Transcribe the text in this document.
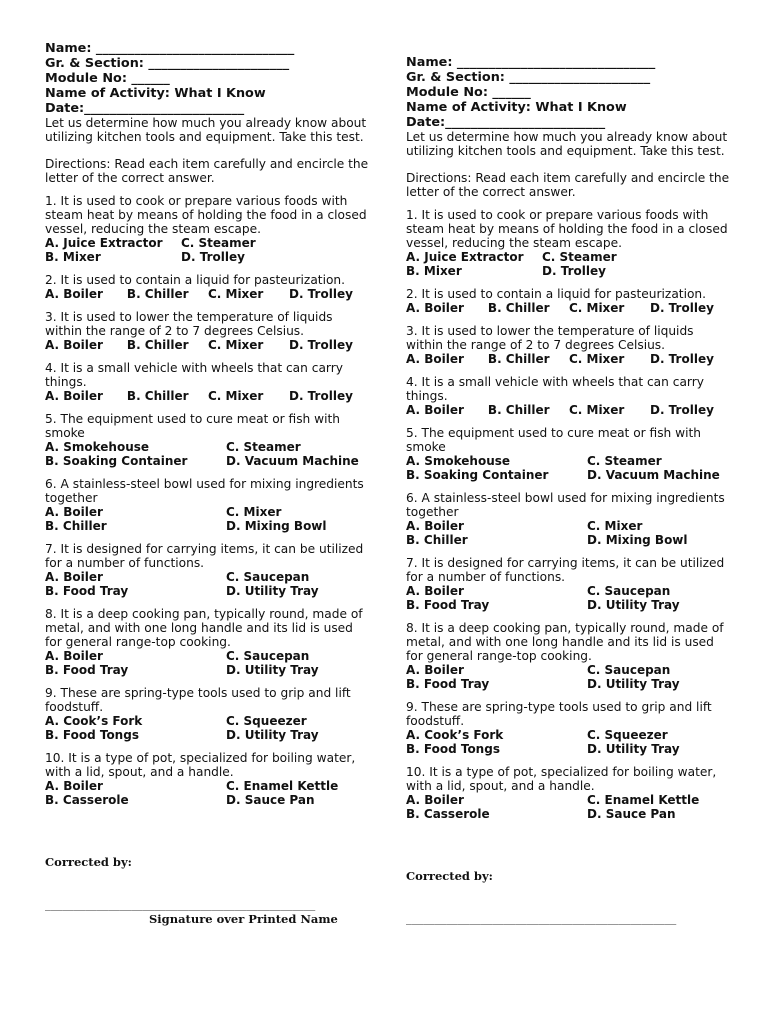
Name: _______________________________
Gr. & Section: ______________________
Module No: ______
Name of Activity: What I Know
Date:_________________________

Let us determine how much you already know about utilizing kitchen tools and equipment. Take this test.

Directions: Read each item carefully and encircle the letter of the correct answer.

1. It is used to cook or prepare various foods with steam heat by means of holding the food in a closed vessel, reducing the steam escape.

A. Juice Extractor	C. Steamer
B. Mixer	D. Trolley

2. It is used to contain a liquid for pasteurization.

A. Boiler	B. Chiller	C. Mixer	D. Trolley

3. It is used to lower the temperature of liquids within the range of 2 to 7 degrees Celsius.

A. Boiler	B. Chiller	C. Mixer	D. Trolley

4. It is a small vehicle with wheels that can carry things.

A. Boiler	B. Chiller	C. Mixer	D. Trolley

5. The equipment used to cure meat or fish with smoke

A. Smokehouse	C. Steamer
B. Soaking Container	D. Vacuum Machine

6. A stainless-steel bowl used for mixing ingredients together

A. Boiler	C. Mixer
B. Chiller	D. Mixing Bowl

7. It is designed for carrying items, it can be utilized for a number of functions.

A. Boiler	C. Saucepan
B. Food Tray	D. Utility Tray

8. It is a deep cooking pan, typically round, made of metal, and with one long handle and its lid is used for general range-top cooking.

A. Boiler	C. Saucepan
B. Food Tray	D. Utility Tray

9. These are spring-type tools used to grip and lift foodstuff.

A. Cook’s Fork	C. Squeezer
B. Food Tongs	D. Utility Tray

10. It is a type of pot, specialized for boiling water, with a lid, spout, and a handle.

A. Boiler	C. Enamel Kettle
B. Casserole	D. Sauce Pan
Corrected by:
_______________________________________________
Signature over Printed Name
Name: _______________________________
Gr. & Section: ______________________
Module No: ______
Name of Activity: What I Know
Date:_________________________

Let us determine how much you already know about utilizing kitchen tools and equipment. Take this test.

Directions: Read each item carefully and encircle the letter of the correct answer.

1. It is used to cook or prepare various foods with steam heat by means of holding the food in a closed vessel, reducing the steam escape.

A. Juice Extractor	C. Steamer
B. Mixer	D. Trolley

2. It is used to contain a liquid for pasteurization.

A. Boiler	B. Chiller	C. Mixer	D. Trolley

3. It is used to lower the temperature of liquids within the range of 2 to 7 degrees Celsius.

A. Boiler	B. Chiller	C. Mixer	D. Trolley

4. It is a small vehicle with wheels that can carry things.

A. Boiler	B. Chiller	C. Mixer	D. Trolley

5. The equipment used to cure meat or fish with smoke

A. Smokehouse	C. Steamer
B. Soaking Container	D. Vacuum Machine

6. A stainless-steel bowl used for mixing ingredients together

A. Boiler	C. Mixer
B. Chiller	D. Mixing Bowl

7. It is designed for carrying items, it can be utilized for a number of functions.

A. Boiler	C. Saucepan
B. Food Tray	D. Utility Tray

8. It is a deep cooking pan, typically round, made of metal, and with one long handle and its lid is used for general range-top cooking.

A. Boiler	C. Saucepan
B. Food Tray	D. Utility Tray

9. These are spring-type tools used to grip and lift foodstuff.

A. Cook’s Fork	C. Squeezer
B. Food Tongs	D. Utility Tray

10. It is a type of pot, specialized for boiling water, with a lid, spout, and a handle.

A. Boiler	C. Enamel Kettle
B. Casserole	D. Sauce Pan
Corrected by:
_______________________________________________
